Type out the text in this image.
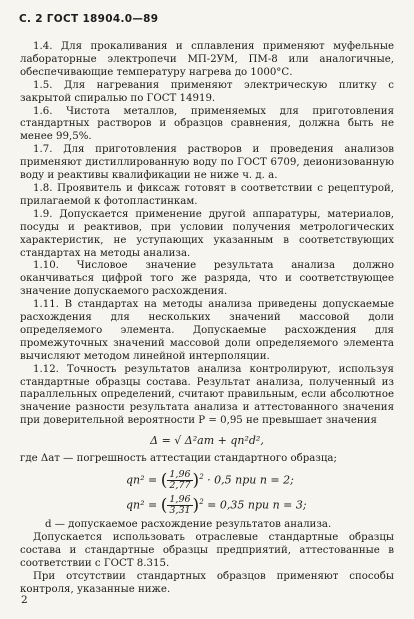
С. 2 ГОСТ 18904.0—89

1.4. Для прокаливания и сплавления применяют муфельные лабораторные электропечи МП-2УМ, ПМ-8 или аналогичные, обеспечивающие температуру нагрева до 1000°С.

1.5. Для нагревания применяют электрическую плитку с закрытой спиралью по ГОСТ 14919.

1.6. Чистота металлов, применяемых для приготовления стандартных растворов и образцов сравнения, должна быть не менее 99,5%.

1.7. Для приготовления растворов и проведения анализов применяют дистиллированную воду по ГОСТ 6709, деионизованную воду и реактивы квалификации не ниже ч. д. а.

1.8. Проявитель и фиксаж готовят в соответствии с рецептурой, прилагаемой к фотопластинкам.

1.9. Допускается применение другой аппаратуры, материалов, посуды и реактивов, при условии получения метрологических характеристик, не уступающих указанным в соответствующих стандартах на методы анализа.

1.10. Числовое значение результата анализа должно оканчиваться цифрой того же разряда, что и соответствующее значение допускаемого расхождения.

1.11. В стандартах на методы анализа приведены допускаемые расхождения для нескольких значений массовой доли определяемого элемента. Допускаемые расхождения для промежуточных значений массовой доли определяемого элемента вычисляют методом линейной интерполяции.

1.12. Точность результатов анализа контролируют, используя стандартные образцы состава. Результат анализа, полученный из параллельных определений, считают правильным, если абсолютное значение разности результата анализа и аттестованного значения при доверительной вероятности P = 0,95 не превышает значения

Δ = √ Δ²ат + qn²d²,

где Δат — погрешность аттестации стандартного образца;

qn² = ( $\frac{1,96}{2,77} )^2 \cdot 0,5$ при n = 2;
qn² = ( $\frac{1,96}{3,31} )^2 = 0,35$ при n = 3;

d — допускаемое расхождение результатов анализа.

Допускается использовать отраслевые стандартные образцы состава и стандартные образцы предприятий, аттестованные в соответствии с ГОСТ 8.315.

При отсутствии стандартных образцов применяют способы контроля, указанные ниже.

2
